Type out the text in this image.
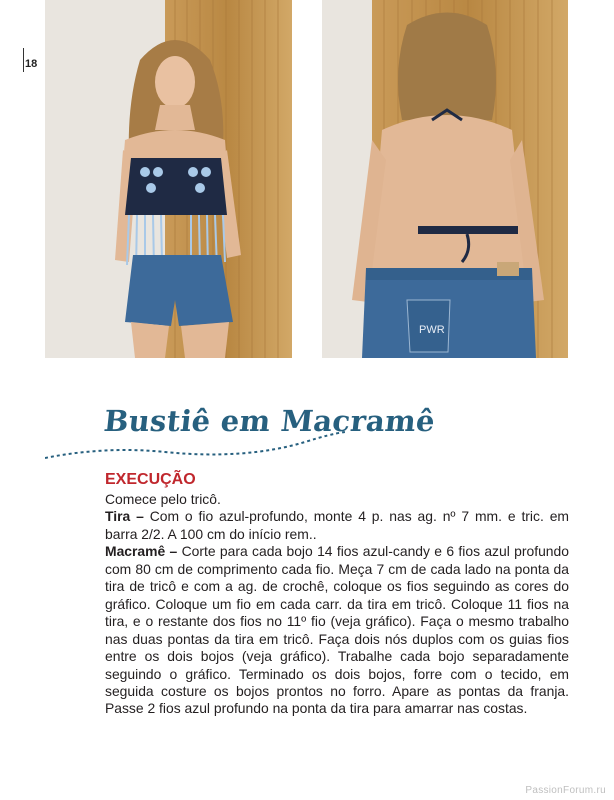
18
PWR
Bustiê em Macramê
EXECUÇÃO

Comece pelo tricô.

Tira – Com o fio azul-profundo, monte 4 p. nas ag. nº 7 mm. e tric. em barra 2/2. A 100 cm do início rem..

Macramê – Corte para cada bojo 14 fios azul-candy e 6 fios azul profundo com 80 cm de comprimento cada fio. Meça 7 cm de cada lado na ponta da tira de tricô e com a ag. de crochê, coloque os fios seguindo as cores do gráfico. Coloque um fio em cada carr. da tira em tricô. Coloque 11 fios na tira, e o restante dos fios no 11º fio (veja gráfico). Faça o mesmo trabalho nas duas pontas da tira em tricô. Faça dois nós duplos com os guias fios entre os dois bojos (veja gráfico). Trabalhe cada bojo separadamente seguindo o gráfico. Terminado os dois bojos, forre com o tecido, em seguida costure os bojos prontos no forro. Apare as pontas da franja. Passe 2 fios azul profundo na ponta da tira para amarrar nas costas.

PassionForum.ru
